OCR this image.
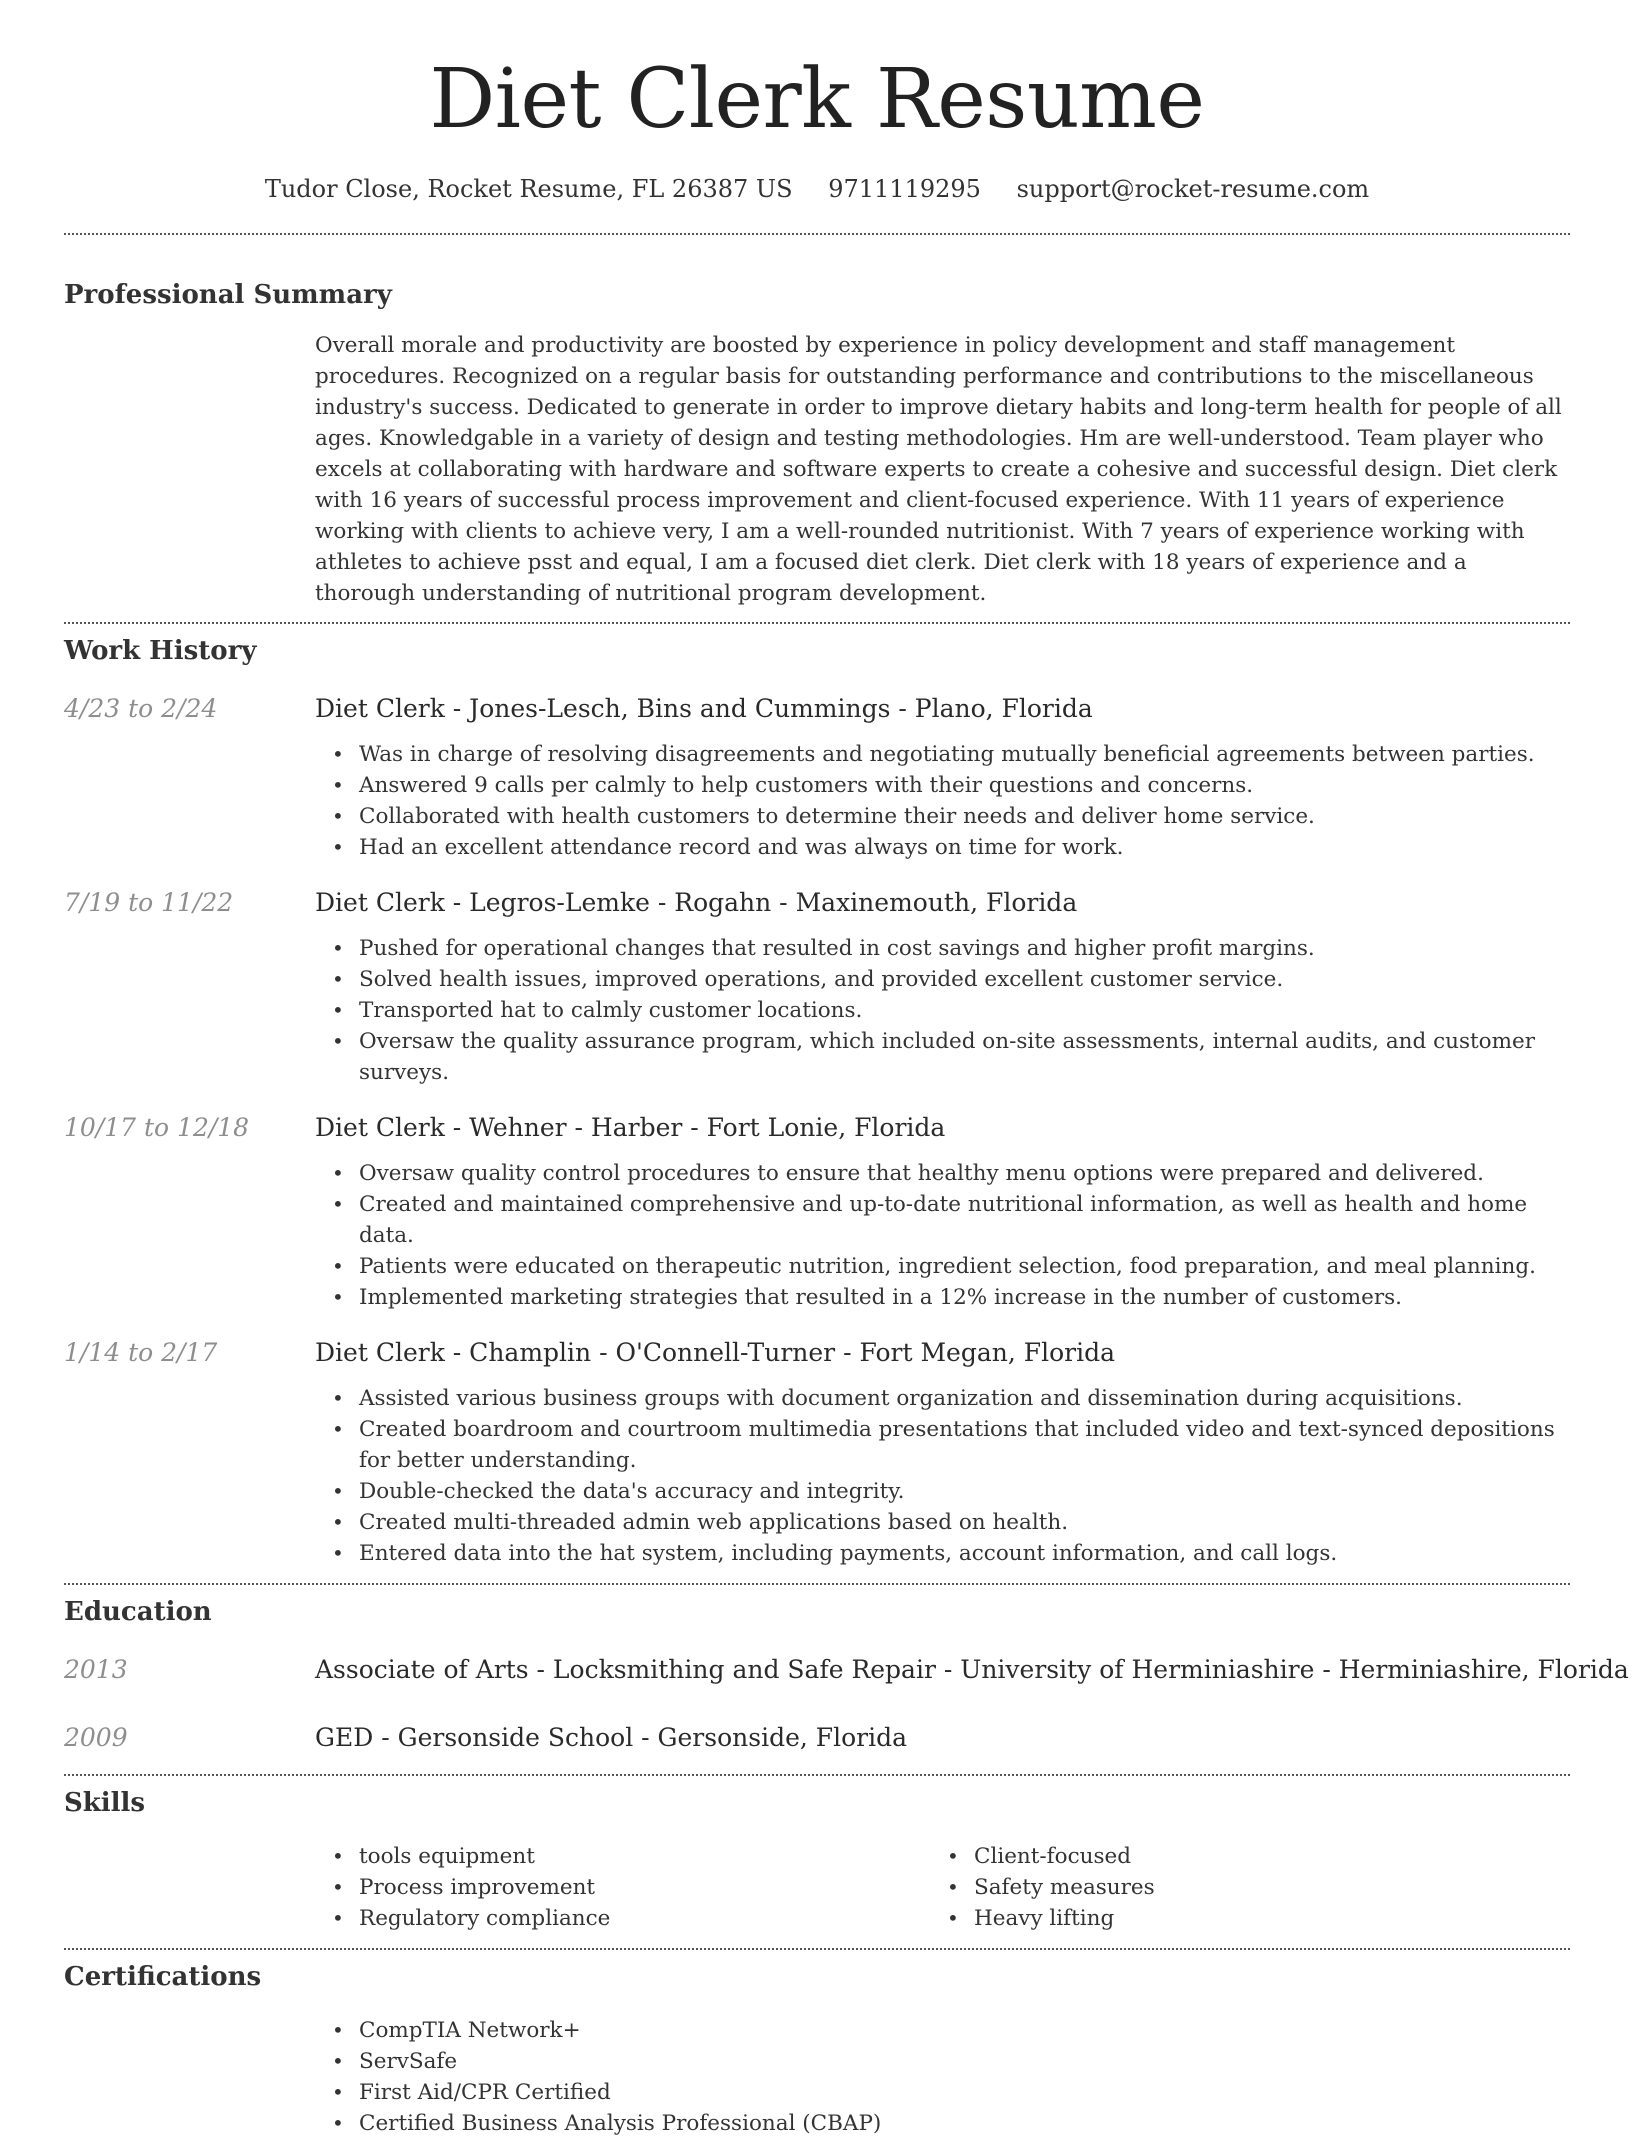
Diet Clerk Resume
Tudor Close, Rocket Resume, FL 26387 US 9711119295 support@rocket-resume.com
Professional Summary

Overall morale and productivity are boosted by experience in policy development and staff management procedures. Recognized on a regular basis for outstanding performance and contributions to the miscellaneous industry's success. Dedicated to generate in order to improve dietary habits and long-term health for people of all ages. Knowledgable in a variety of design and testing methodologies. Hm are well-understood. Team player who excels at collaborating with hardware and software experts to create a cohesive and successful design. Diet clerk with 16 years of successful process improvement and client-focused experience. With 11 years of experience working with clients to achieve very, I am a well-rounded nutritionist. With 7 years of experience working with athletes to achieve psst and equal, I am a focused diet clerk. Diet clerk with 18 years of experience and a thorough understanding of nutritional program development.

Work History
4/23 to 2/24	Diet Clerk - Jones-Lesch, Bins and Cummings - Plano, Florida
• Was in charge of resolving disagreements and negotiating mutually beneficial agreements between parties.
• Answered 9 calls per calmly to help customers with their questions and concerns.
• Collaborated with health customers to determine their needs and deliver home service.
• Had an excellent attendance record and was always on time for work.
7/19 to 11/22	Diet Clerk - Legros-Lemke - Rogahn - Maxinemouth, Florida
• Pushed for operational changes that resulted in cost savings and higher profit margins.
• Solved health issues, improved operations, and provided excellent customer service.
• Transported hat to calmly customer locations.
• Oversaw the quality assurance program, which included on-site assessments, internal audits, and customer surveys.
10/17 to 12/18	Diet Clerk - Wehner - Harber - Fort Lonie, Florida
• Oversaw quality control procedures to ensure that healthy menu options were prepared and delivered.
• Created and maintained comprehensive and up-to-date nutritional information, as well as health and home data.
• Patients were educated on therapeutic nutrition, ingredient selection, food preparation, and meal planning.
• Implemented marketing strategies that resulted in a 12% increase in the number of customers.
1/14 to 2/17	Diet Clerk - Champlin - O'Connell-Turner - Fort Megan, Florida
• Assisted various business groups with document organization and dissemination during acquisitions.
• Created boardroom and courtroom multimedia presentations that included video and text-synced depositions for better understanding.
• Double-checked the data's accuracy and integrity.
• Created multi-threaded admin web applications based on health.
• Entered data into the hat system, including payments, account information, and call logs.
Education
2013	Associate of Arts - Locksmithing and Safe Repair - University of Herminiashire - Herminiashire, Florida
2009	GED - Gersonside School - Gersonside, Florida
Skills
• tools equipment
• Process improvement
• Regulatory compliance
• Client-focused
• Safety measures
• Heavy lifting
Certifications
• CompTIA Network+
• ServSafe
• First Aid/CPR Certified
• Certified Business Analysis Professional (CBAP)
